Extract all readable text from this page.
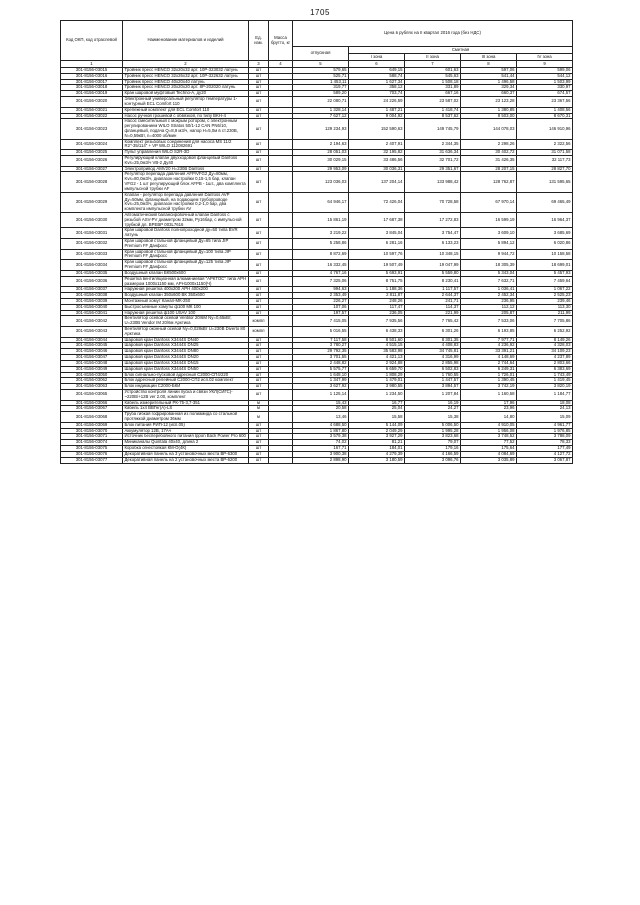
1705
Код ОКП, код отраслевой	Наименование материалов и изделий	Ед. изм.	Масса брутто, кг	Цена в рублях на II квартал 2016 года (без НДС)				
				отпускная	Сметная			
					I зона	II зона	III зона	IV зона
1	2	3	4	5	6	7	8	9
301-8156-03015	Тройник пресс HENCO 32x20x32 арт. 10P-323032 латунь	шт		579,65	649,15	601,63	597,06	599,06
301-8156-03016	Тройник пресс HENCO 32x26x32 арт. 10P-322632 латунь	шт		525,71	588,74	545,63	541,44	544,12
301-8156-03017	Тройник пресс HENCO 40x20x40 латунь	шт		1 453,11	1 627,34	1 508,18	1 496,58	1 503,99
301-8156-03018	Тройник пресс HENCO 20x20x20 арт. 8P-202020 латунь	шт		319,77	358,12	331,89	329,34	330,97
301-8156-03019	Кран шаровой муфтовый Techno-A, ду20	шт		589,20	703,74	667,16	660,37	674,57
301-8156-03020	Электронный универсальный регулятор температуры 1-контурный ECL Comfort 110	шт		22 080,71	24 226,59	23 587,02	23 123,28	23 367,56
301-8156-03021	Крепежный комплект для ECL Comfort 110	шт		1 328,14	1 487,21	1 418,74	1 380,85	1 408,56
301-8156-03022	Насос ручной грошевой с обвязкой, по типу BKH-4	шт		7 627,12	9 004,92	8 537,62	8 503,00	8 670,31
301-8156-03023	Насос смесительный с мокрым ротором, с электронным регулированием WILO Stratos 50/1-12 CAN PN6/10, фланцевый, подача Q=8,9 м3/ч, напор Н=5,0м в ст.230В, N=0,59кВт, n=4000 об/мин	шт		129 234,93	152 590,63	149 745,79	144 078,03	146 910,96
301-8156-03024	Комплект резьбовых соединений для насоса MS 11/2 R2"-35/114" + VP WILO 112082691	шт		2 194,63	2 407,91	2 344,35	2 298,26	2 322,56
301-8156-03025	Пульт управления WILO S2R-3D	шт		28 051,03	32 195,82	31 636,34	30 402,72	31 071,58
301-8156-03026	Регулирующий клапан двухходовой фланцевый Danfoss Kvs=25,0м3/ч VB-2 Ду40	шт		30 029,15	33 486,56	32 701,72	31 426,35	32 117,73
301-8156-03027	Электропривод AMV20 Н=230В Danfoss	шт		29 953,09	30 036,31	29 351,67	28 207,15	28 827,70
301-8156-03028	Регулятор перепада давления AFP/VFG2 Ду=80мм, Kvs=80,0м3/ч, диапазон настройки 0,15-1,5 бар, клапан VFG2 - 1 шт регулирующий блок AFPB - 1шт., два комплекта импульсной трубки AF	шт		123 036,03	137 204,14	133 988,42	128 762,87	131 595,65
301-8156-03029	Клапан - регулятор перепада давления Danfoss AVP Ду=50мм, фланцевый, на подающем трубопроводе Kvs=25,0м3/ч, диапазон настройки 0,2-1,0 бар, два комплекта импульсной трубки AV	шт		64 946,17	72 426,04	70 728,58	67 970,14	69 465,49
301-8156-03030	Автоматический балансировочный клапан Danfoss с резьбой ASV-PV диаметром 32мм, Ру16бар, с импульсной трубкой дл. ВРЕВР 003L7616	шт		15 861,19	17 687,38	17 272,83	16 599,19	16 964,37
301-8156-03031	Кран шаровой Danfoss полнопроходной ду=50 типа BVR латунь	шт		3 219,22	3 845,04	3 754,47	3 609,10	3 685,69
301-8156-03032	Кран шаровой стальной фланцевый Ду=65 типа JIP Premium FF Данфосс	шт		5 258,86	6 281,16	6 133,23	5 894,12	6 020,86
301-8156-03033	Кран шаровой стальной фланцевый Ду=100 типа JIP Premium FF Данфосс	шт		8 872,69	10 597,76	10 348,15	9 944,72	10 158,58
301-8156-03034	Кран шаровой стальной фланцевый Ду=125 типа JIP Premium FF Данфосс	шт		16 332,45	19 507,49	19 047,99	18 305,39	18 699,01
301-8156-03035	Воздушный клапан ВК500x600	шт		4 767,16	5 693,91	5 559,80	5 343,04	5 457,93
301-8156-03036	Решетка вентиляционная алюминиевая "АРКТОС" типа АРН размером 1000х1150 мм, АРН1000х1150(Ч)	шт		7 325,06	8 751,75	8 230,41	7 632,71	7 459,64
301-8156-03037	Наружная решетка 400х200 АРН 400х200	шт		994,63	1 188,36	1 117,57	1 036,41	1 067,22
301-8156-03038	Воздушный клапан 350х600 ВК 350х600	шт		2 353,49	2 811,87	2 644,37	2 452,34	2 525,23
301-8156-03039	Монтажный хомут Канал-МК-250	шт		226,27	248,26	241,71	236,95	239,46
301-8156-03040	Быстросъемные хомуты ф100 МК 100	шт		107,06	117,47	114,37	112,12	113,30
301-8156-03041	Наружная решетка ф100 USAV 100	шт		197,57	236,05	221,99	205,87	211,99
301-8156-03042	Вентилятор осевой осевой Ventilor 20/6M Ny=0,65кВт, U=230В Vendor IM 20/6м Арктика	компл		7 415,05	7 935,56	7 765,42	7 533,06	7 705,86
301-8156-03043	Вентилятор оконный осевой Ny=0,028кВт U=230В Diverto 80 Арктика	компл		5 016,55	6 438,33	6 301,26	6 193,85	6 252,92
301-8156-03044	Шаровой кран Danfoss X3444S DN40	шт		7 117,58	8 501,60	8 301,35	7 977,71	8 149,26
301-8156-03045	Шаровой кран Danfoss X3444S DN25	шт		3 780,27	4 515,15	4 408,83	4 236,92	4 328,03
301-8156-03046	Шаровой кран Danfoss X3444S DN80	шт		29 792,35	35 583,98	34 745,81	33 391,21	34 109,23
301-8156-03047	Шаровой кран Danfoss X3444S DN20	шт		3 701,55	4 421,13	4 316,99	4 148,69	4 237,89
301-8156-03048	Шаровой кран Danfoss X3444S DN15	шт		2 448,82	2 924,88	2 855,98	2 744,64	2 803,66
301-8156-03049	Шаровой кран Danfoss X3444S DN50	шт		5 575,77	6 659,70	6 502,83	6 249,31	6 383,69
301-8156-03050	Блок сигнально-пусковой адресный С2000-СП4/220	шт		1 648,10	1 808,29	1 760,55	1 726,01	1 743,49
301-8156-03062	Блок адресный релейный С2000-СП2 исп.02 комплект	шт		1 347,99	1 479,01	1 447,57	1 390,45	1 419,45
301-8156-03063	Блок индикации С2000-БКИ	шт		3 627,92	3 980,55	3 894,57	3 742,19	3 820,19
301-8156-03065	Устройство контроля линии пуска и связи УКЛ(СИГС)-~220В/+12В ver 2.00, комплект	шт		1 125,14	1 234,50	1 207,84	1 160,58	1 184,77
301-8156-03066	Кабель измерительный РК-75-3,7-351	м		15,43	16,77	16,19	17,96	18,08
301-8156-03067	Кабель 1x4 ВВГнг(А)-LS	м		20,58	25,04	24,27	23,96	24,13
301-8156-03068	Труба гибкая гофрированная из полиамида со стальной протяжкой диаметром 36мм	м		13,46	15,58	15,38	14,80	15,09
301-8156-03069	Блок питания РИП-12 (исп.05)	шт		4 688,50	5 144,09	5 006,50	4 910,05	4 961,77
301-8156-03070	Аккумулятор 12В, 17Ач	шт		1 867,80	2 049,29	1 995,28	1 956,08	1 976,85
301-8156-03071	Источник бесперебойного питания Ippon Back Power Pro 600	шт		3 579,38	3 927,29	3 823,68	3 748,52	3 788,09
301-8156-03074	Миниканалы Quintala 40х40, длина 2	шт		74,02	81,21	79,07	77,52	78,33
301-8156-03075	Коробка огнестойкая КМ-О(4К)	шт		167,71	184,01	179,16	175,64	177,49
301-8156-03076	Декоративная панель на 3 установочных места ВР-6300	шт		3 900,38	4 279,39	4 166,59	4 084,69	4 127,72
301-8156-03077	Декоративная панель на 2 установочных места ВР-6200	шт		2 898,90	3 180,59	3 096,76	3 035,89	3 067,87
